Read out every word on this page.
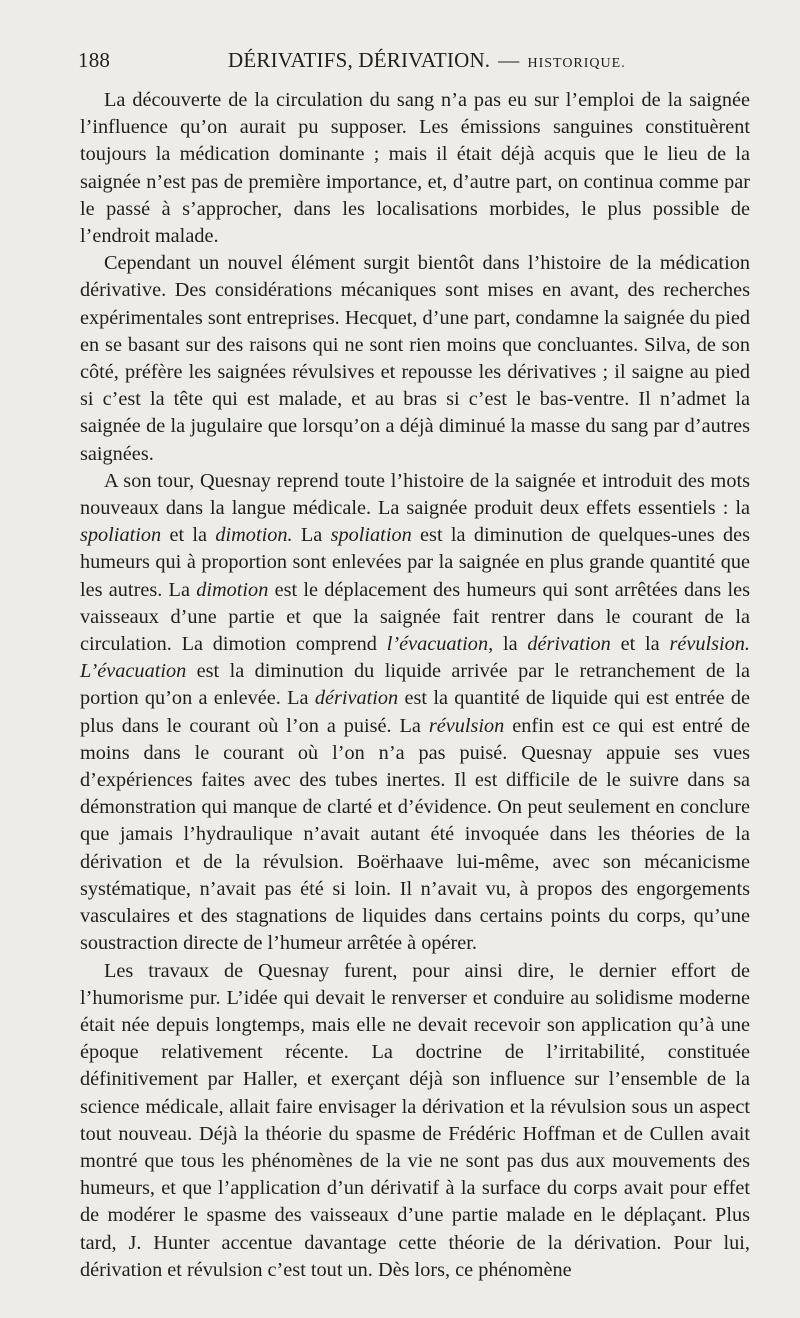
188	DÉRIVATIFS, DÉRIVATION. — HISTORIQUE.

La découverte de la circulation du sang n’a pas eu sur l’emploi de la saignée l’influence qu’on aurait pu supposer. Les émissions sanguines constituèrent toujours la médication dominante ; mais il était déjà acquis que le lieu de la saignée n’est pas de première importance, et, d’autre part, on continua comme par le passé à s’approcher, dans les localisations morbides, le plus possible de l’endroit malade.

Cependant un nouvel élément surgit bientôt dans l’histoire de la médication dérivative. Des considérations mécaniques sont mises en avant, des recherches expérimentales sont entreprises. Hecquet, d’une part, condamne la saignée du pied en se basant sur des raisons qui ne sont rien moins que concluantes. Silva, de son côté, préfère les saignées révulsives et repousse les dérivatives ; il saigne au pied si c’est la tête qui est malade, et au bras si c’est le bas-ventre. Il n’admet la saignée de la jugulaire que lorsqu’on a déjà diminué la masse du sang par d’autres saignées.

A son tour, Quesnay reprend toute l’histoire de la saignée et introduit des mots nouveaux dans la langue médicale. La saignée produit deux effets essentiels : la spoliation et la dimotion. La spoliation est la diminution de quelques-unes des humeurs qui à proportion sont enlevées par la saignée en plus grande quantité que les autres. La dimotion est le déplacement des humeurs qui sont arrêtées dans les vaisseaux d’une partie et que la saignée fait rentrer dans le courant de la circulation. La dimotion comprend l’évacuation, la dérivation et la révulsion. L’évacuation est la diminution du liquide arrivée par le retranchement de la portion qu’on a enlevée. La dérivation est la quantité de liquide qui est entrée de plus dans le courant où l’on a puisé. La révulsion enfin est ce qui est entré de moins dans le courant où l’on n’a pas puisé. Quesnay appuie ses vues d’expériences faites avec des tubes inertes. Il est difficile de le suivre dans sa démonstration qui manque de clarté et d’évidence. On peut seulement en conclure que jamais l’hydraulique n’avait autant été invoquée dans les théories de la dérivation et de la révulsion. Boërhaave lui-même, avec son mécanicisme systématique, n’avait pas été si loin. Il n’avait vu, à propos des engorgements vasculaires et des stagnations de liquides dans certains points du corps, qu’une soustraction directe de l’humeur arrêtée à opérer.

Les travaux de Quesnay furent, pour ainsi dire, le dernier effort de l’humorisme pur. L’idée qui devait le renverser et conduire au solidisme moderne était née depuis longtemps, mais elle ne devait recevoir son application qu’à une époque relativement récente. La doctrine de l’irritabilité, constituée définitivement par Haller, et exerçant déjà son influence sur l’ensemble de la science médicale, allait faire envisager la dérivation et la révulsion sous un aspect tout nouveau. Déjà la théorie du spasme de Frédéric Hoffman et de Cullen avait montré que tous les phénomènes de la vie ne sont pas dus aux mouvements des humeurs, et que l’application d’un dérivatif à la surface du corps avait pour effet de modérer le spasme des vaisseaux d’une partie malade en le déplaçant. Plus tard, J. Hunter accentue davantage cette théorie de la dérivation. Pour lui, dérivation et révulsion c’est tout un. Dès lors, ce phénomène
